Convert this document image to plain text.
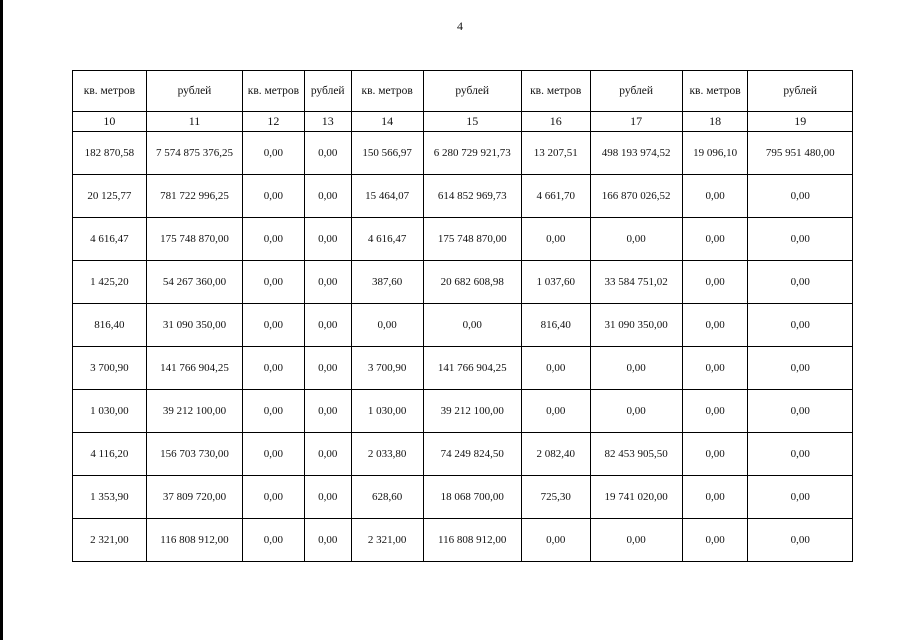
4
кв. метров	рублей	кв. метров	рублей	кв. метров	рублей	кв. метров	рублей	кв. метров	рублей
10	11	12	13	14	15	16	17	18	19
182 870,58	7 574 875 376,25	0,00	0,00	150 566,97	6 280 729 921,73	13 207,51	498 193 974,52	19 096,10	795 951 480,00
20 125,77	781 722 996,25	0,00	0,00	15 464,07	614 852 969,73	4 661,70	166 870 026,52	0,00	0,00
4 616,47	175 748 870,00	0,00	0,00	4 616,47	175 748 870,00	0,00	0,00	0,00	0,00
1 425,20	54 267 360,00	0,00	0,00	387,60	20 682 608,98	1 037,60	33 584 751,02	0,00	0,00
816,40	31 090 350,00	0,00	0,00	0,00	0,00	816,40	31 090 350,00	0,00	0,00
3 700,90	141 766 904,25	0,00	0,00	3 700,90	141 766 904,25	0,00	0,00	0,00	0,00
1 030,00	39 212 100,00	0,00	0,00	1 030,00	39 212 100,00	0,00	0,00	0,00	0,00
4 116,20	156 703 730,00	0,00	0,00	2 033,80	74 249 824,50	2 082,40	82 453 905,50	0,00	0,00
1 353,90	37 809 720,00	0,00	0,00	628,60	18 068 700,00	725,30	19 741 020,00	0,00	0,00
2 321,00	116 808 912,00	0,00	0,00	2 321,00	116 808 912,00	0,00	0,00	0,00	0,00
